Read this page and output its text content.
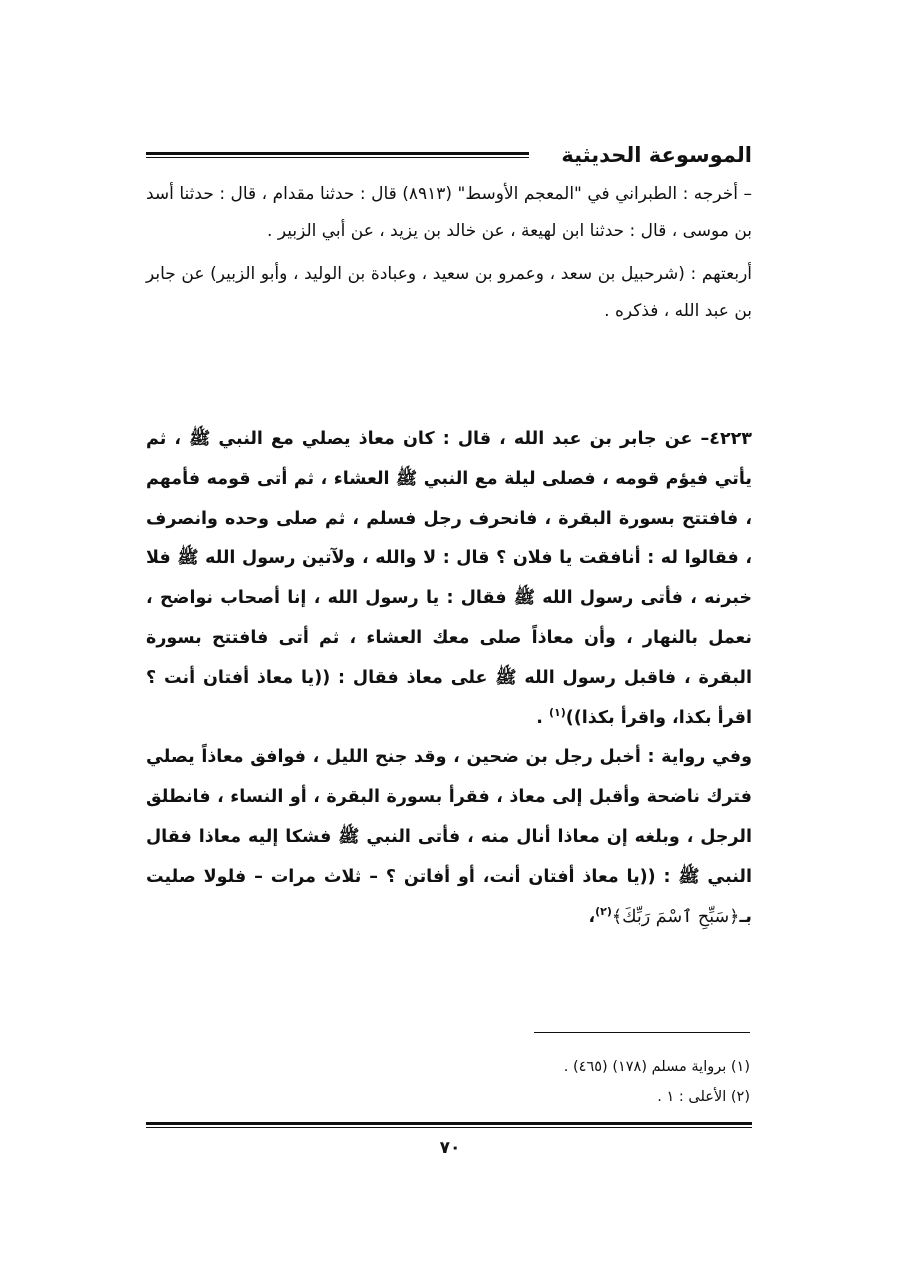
الموسوعة الحديثية

– أخرجه : الطبراني في "المعجم الأوسط" (٨٩١٣) قال : حدثنا مقدام ، قال : حدثنا أسد بن موسى ، قال : حدثنا ابن لهيعة ، عن خالد بن يزيد ، عن أبي الزبير .

أربعتهم : (شرحبيل بن سعد ، وعمرو بن سعيد ، وعبادة بن الوليد ، وأبو الزبير) عن جابر بن عبد الله ، فذكره .

٤٢٢٣– عن جابر بن عبد الله ، قال : كان معاذ يصلي مع النبي ﷺ ، ثم يأتي فيؤم قومه ، فصلى ليلة مع النبي ﷺ العشاء ، ثم أتى قومه فأمهم ، فافتتح بسورة البقرة ، فانحرف رجل فسلم ، ثم صلى وحده وانصرف ، فقالوا له : أنافقت يا فلان ؟ قال : لا والله ، ولآتين رسول الله ﷺ فلا خبرنه ، فأتى رسول الله ﷺ فقال : يا رسول الله ، إنا أصحاب نواضح ، نعمل بالنهار ، وأن معاذاً صلى معك العشاء ، ثم أتى فافتتح بسورة البقرة ، فاقبل رسول الله ﷺ على معاذ فقال : ((يا معاذ أفتان أنت ؟ اقرأ بكذا، واقرأ بكذا))$^{(١)}$ .

وفي رواية : أخبل رجل بن ضحين ، وقد جنح الليل ، فوافق معاذاً يصلي فترك ناضحة وأقبل إلى معاذ ، فقرأ بسورة البقرة ، أو النساء ، فانطلق الرجل ، وبلغه إن معاذا أنال منه ، فأتى النبي ﷺ فشكا إليه معاذا فقال النبي ﷺ : ((يا معاذ أفتان أنت، أو أفاتن ؟ – ثلاث مرات – فلولا صليت بـ﴿سَبِّحِ ٱسْمَ رَبِّكَ﴾$^{(٢)}$،

(١) برواية مسلم (١٧٨) (٤٦٥) .

(٢) الأعلى : ١ .

٧٠
